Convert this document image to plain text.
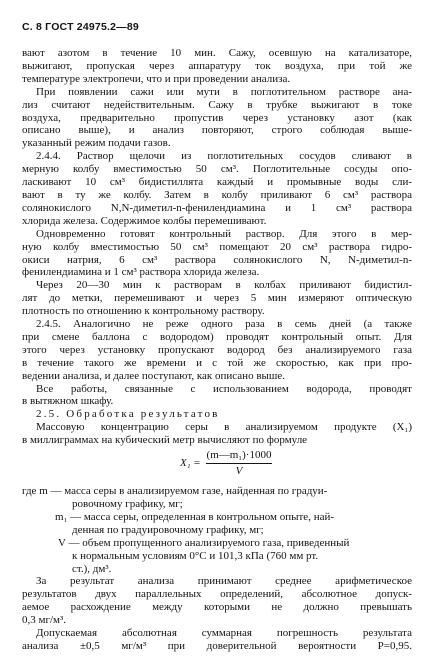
С. 8 ГОСТ 24975.2—89

вают азотом в течение 10 мин. Сажу, осевшую на катализаторе,

выжигают, пропуская через аппаратуру ток воздуха, при той же

температуре электропечи, что и при проведении анализа.

При появлении сажи или мути в поглотительном растворе ана-

лиз считают недействительным. Сажу в трубке выжигают в токе

воздуха, предварительно пропустив через установку азот (как

описано выше), и анализ повторяют, строго соблюдая выше-

указанный режим подачи газов.

2.4.4. Раствор щелочи из поглотительных сосудов сливают в

мерную колбу вместимостью 50 см³. Поглотительные сосуды опо-

ласкивают 10 см³ бидистиллята каждый и промывные воды сли-

вают в ту же колбу. Затем в колбу приливают 6 см³ раствора

солянокислого N,N-диметил-n-фенилендиамина и 1 см³ раствора

хлорида железа. Содержимое колбы перемешивают.

Одновременно готовят контрольный раствор. Для этого в мер-

ную колбу вместимостью 50 см³ помещают 20 см³ раствора гидро-

окиси натрия, 6 см³ раствора солянокислого N, N-диметил-n-

фенилендиамина и 1 см³ раствора хлорида железа.

Через 20—30 мин к растворам в колбах приливают бидистил-

лят до метки, перемешивают и через 5 мин измеряют оптическую

плотность по отношению к контрольному раствору.

2.4.5. Аналогично не реже одного раза в семь дней (а также

при смене баллона с водородом) проводят контрольный опыт. Для

этого через установку пропускают водород без анализируемого газа

в течение такого же времени и с той же скоростью, как при про-

ведении анализа, и далее поступают, как описано выше.

Все работы, связанные с использованием водорода, проводят

в вытяжном шкафу.

2.5. Обработка результатов

Массовую концентрацию серы в анализируемом продукте (X₁)

в миллиграммах на кубический метр вычисляют по формуле

где m — масса серы в анализируемом газе, найденная по градуи-

ровочному графику, мг;

m₁ — масса серы, определенная в контрольном опыте, най-

денная по градуировочному графику, мг;

V — объем пропущенного анализируемого газа, приведенный

к нормальным условиям 0°С и 101,3 кПа (760 мм рт.

ст.), дм³.

За результат анализа принимают среднее арифметическое

результатов двух параллельных определений, абсолютное допуск-

аемое расхождение между которыми не должно превышать

0,3 мг/м³.

Допускаемая абсолютная суммарная погрешность результата

анализа ±0,5 мг/м³ при доверительной вероятности P=0,95.

X₁ =
(m—m₁)·1000
V
